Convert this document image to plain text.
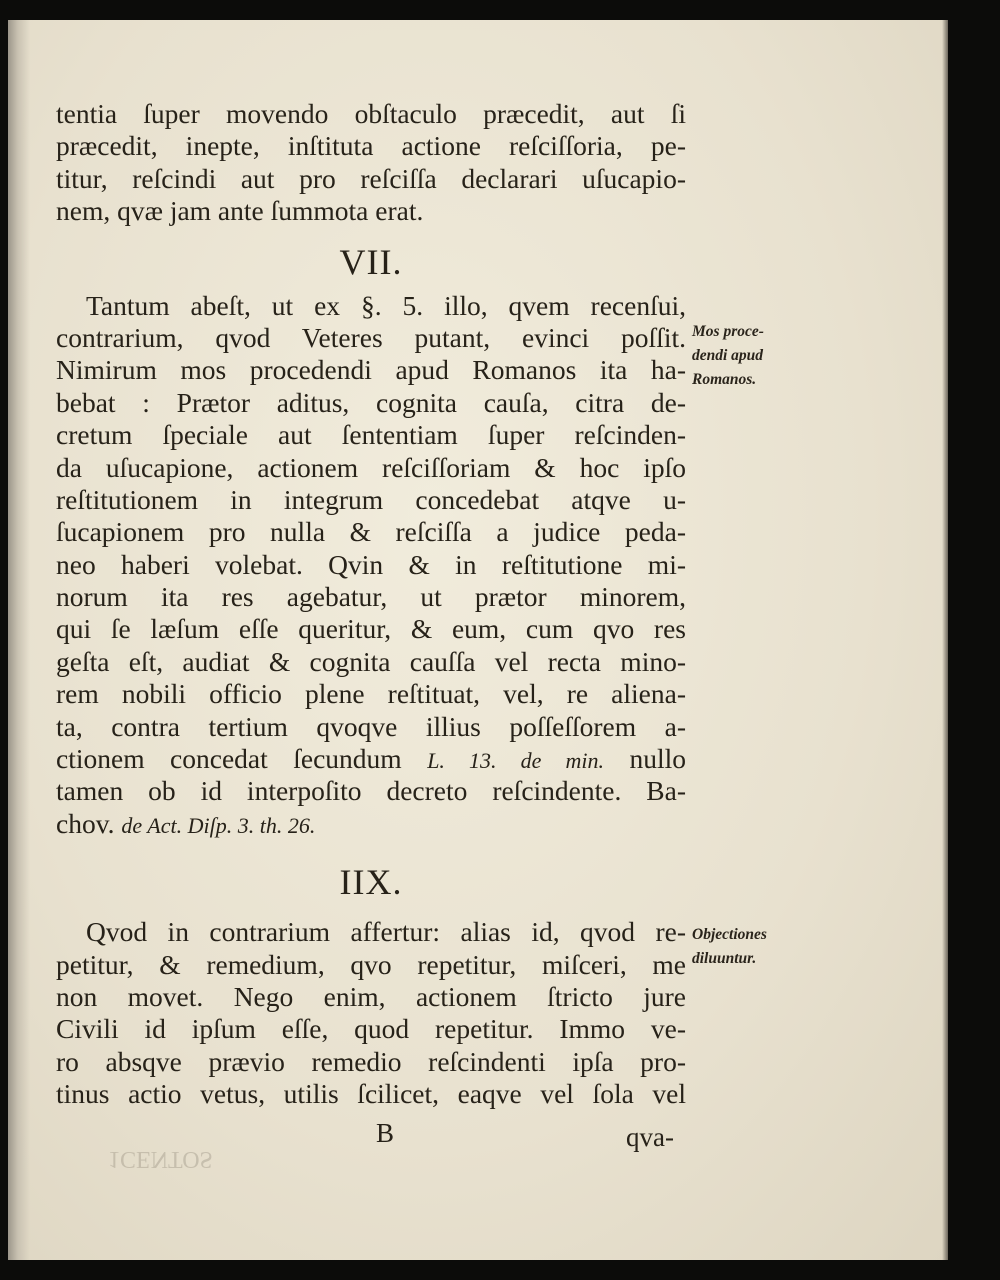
1CENTOS
tentia ſuper movendo obſtaculo præcedit, aut ſi
præcedit, inepte, inſtituta actione reſciſſoria, pe-
titur, reſcindi aut pro reſciſſa declarari uſucapio-
nem, qvæ jam ante ſummota erat.
VII.
Tantum abeſt, ut ex §. 5. illo, qvem recenſui,
contrarium, qvod Veteres putant, evinci poſſit.
Nimirum mos procedendi apud Romanos ita ha-
bebat : Prætor aditus, cognita cauſa, citra de-
cretum ſpeciale aut ſententiam ſuper reſcinden-
da uſucapione, actionem reſciſſoriam & hoc ipſo
reſtitutionem in integrum concedebat atqve u-
ſucapionem pro nulla & reſciſſa a judice peda-
neo haberi volebat. Qvin & in reſtitutione mi-
norum ita res agebatur, ut prætor minorem,
qui ſe læſum eſſe queritur, & eum, cum qvo res
geſta eſt, audiat & cognita cauſſa vel recta mino-
rem nobili officio plene reſtituat, vel, re aliena-
ta, contra tertium qvoqve illius poſſeſſorem a-
ctionem concedat ſecundum L. 13. de min. nullo
tamen ob id interpoſito decreto reſcindente. Ba-
chov. de Act. Diſp. 3. th. 26.
IIX.
Qvod in contrarium affertur: alias id, qvod re-
petitur, & remedium, qvo repetitur, miſceri, me
non movet. Nego enim, actionem ſtricto jure
Civili id ipſum eſſe, quod repetitur. Immo ve-
ro absqve prævio remedio reſcindenti ipſa pro-
tinus actio vetus, utilis ſcilicet, eaqve vel ſola vel
Mos proce-
dendi apud
Romanos.
Objectiones
diluuntur.
B	qva-
